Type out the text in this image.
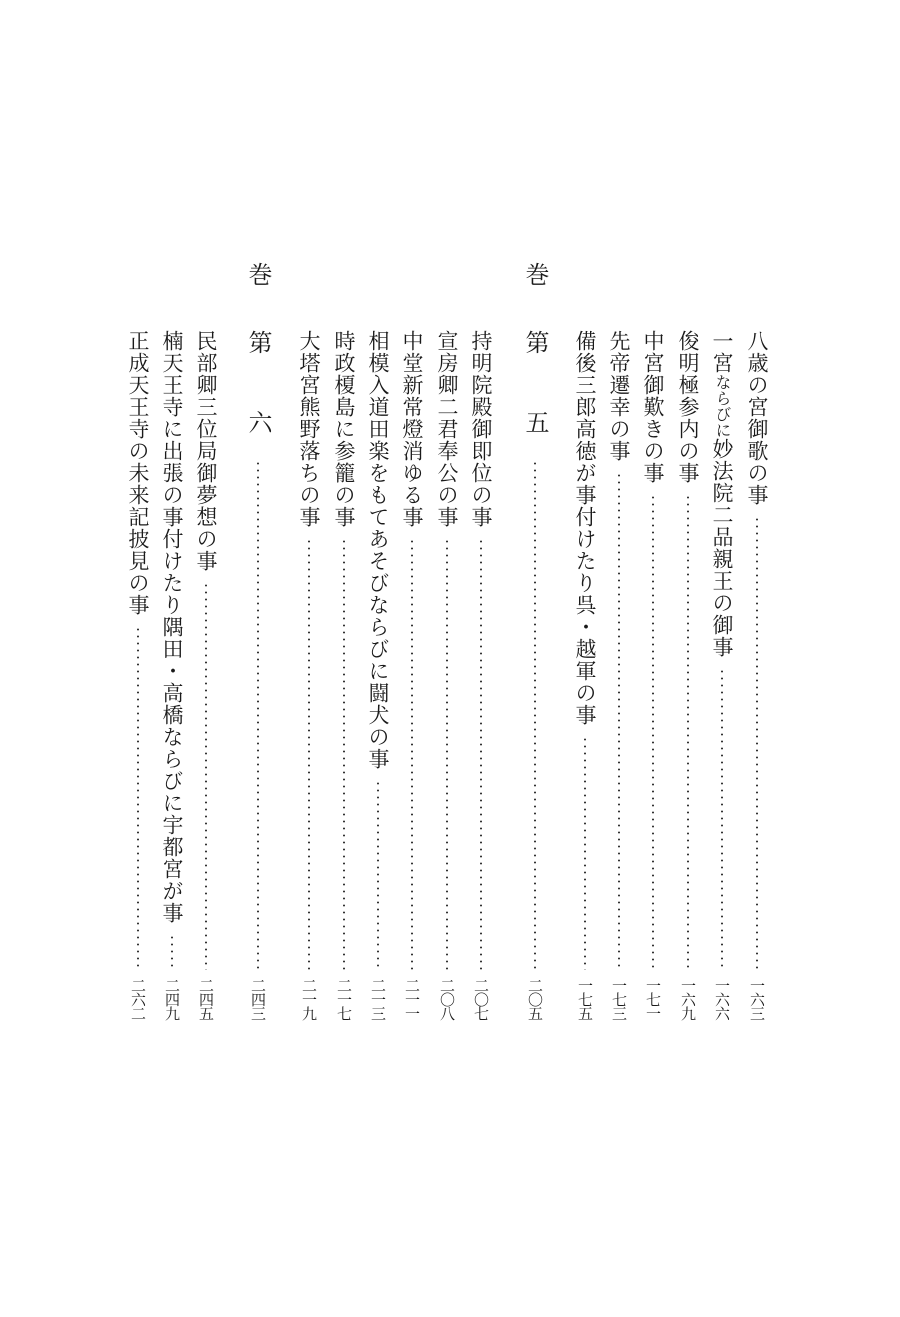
八歳の宮御歌の事
一六三
一宮ならびに妙法院二品親王の御事
一六六
俊明極参内の事
一六九
中宮御歎きの事
一七一
先帝遷幸の事
一七三
備後三郎高徳が事付けたり呉・越軍の事
一七五
巻
第　五
二〇五
持明院殿御即位の事
二〇七
宣房卿二君奉公の事
二〇八
中堂新常燈消ゆる事
二一一
相模入道田楽をもてあそびならびに闘犬の事
二一三
時政榎島に参籠の事
二一七
大塔宮熊野落ちの事
二一九
巻
第　六
二四三
民部卿三位局御夢想の事
二四五
楠天王寺に出張の事付けたり隅田・高橋ならびに宇都宮が事
二四九
正成天王寺の未来記披見の事
二六二
